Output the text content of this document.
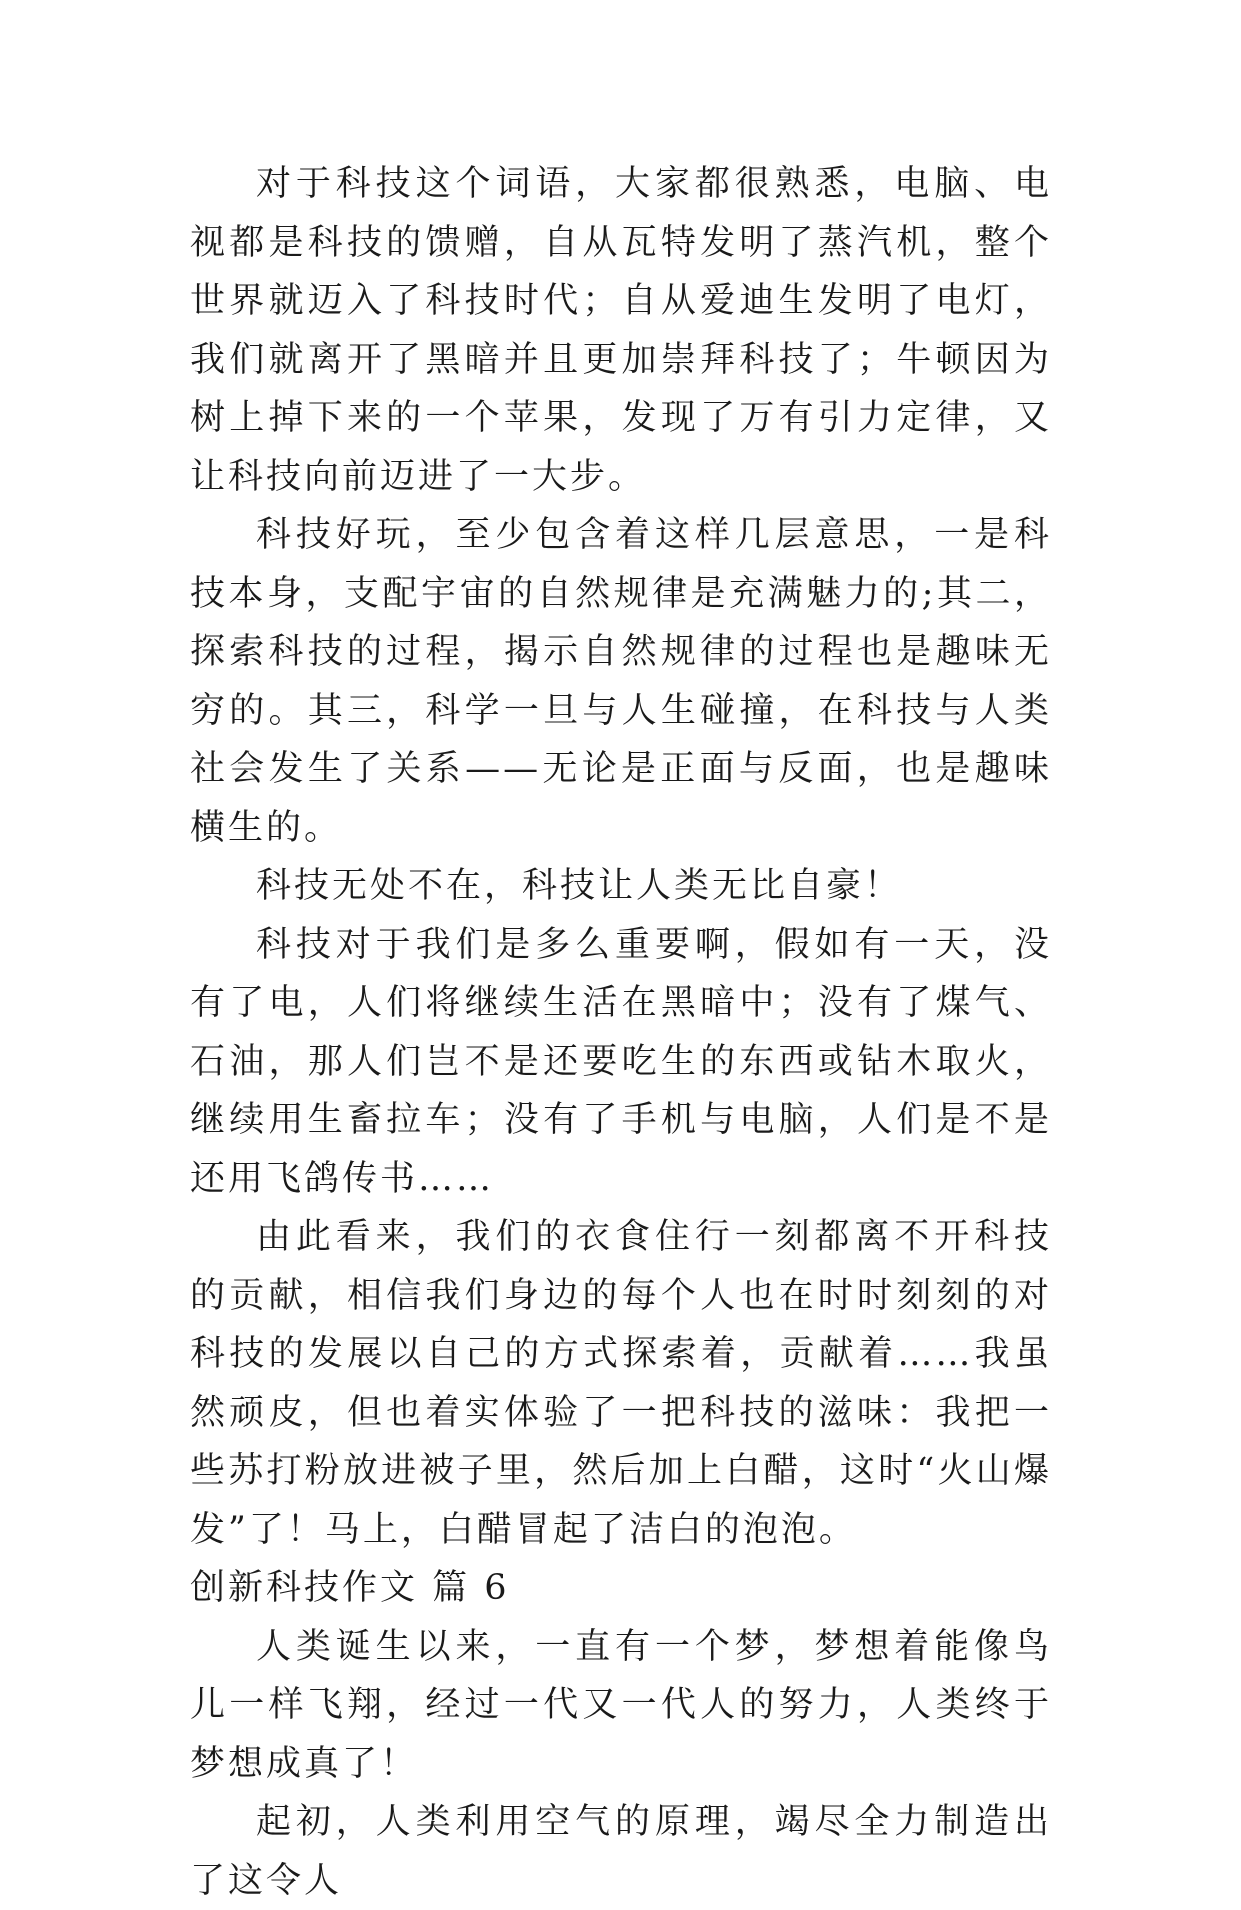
对于科技这个词语，大家都很熟悉，电脑、电视都是科技的馈赠，自从瓦特发明了蒸汽机，整个世界就迈入了科技时代；自从爱迪生发明了电灯，我们就离开了黑暗并且更加崇拜科技了；牛顿因为树上掉下来的一个苹果，发现了万有引力定律，又让科技向前迈进了一大步。

科技好玩，至少包含着这样几层意思，一是科技本身，支配宇宙的自然规律是充满魅力的;其二，探索科技的过程，揭示自然规律的过程也是趣味无穷的。其三，科学一旦与人生碰撞，在科技与人类社会发生了关系——无论是正面与反面，也是趣味横生的。

科技无处不在，科技让人类无比自豪！

科技对于我们是多么重要啊，假如有一天，没有了电，人们将继续生活在黑暗中；没有了煤气、石油，那人们岂不是还要吃生的东西或钻木取火，继续用生畜拉车；没有了手机与电脑，人们是不是还用飞鸽传书……

由此看来，我们的衣食住行一刻都离不开科技的贡献，相信我们身边的每个人也在时时刻刻的对科技的发展以自己的方式探索着，贡献着……我虽然顽皮，但也着实体验了一把科技的滋味：我把一些苏打粉放进被子里，然后加上白醋，这时“火山爆发”了！马上，白醋冒起了洁白的泡泡。

创新科技作文 篇 6

人类诞生以来，一直有一个梦，梦想着能像鸟儿一样飞翔，经过一代又一代人的努力，人类终于梦想成真了！

起初，人类利用空气的原理，竭尽全力制造出了这令人
